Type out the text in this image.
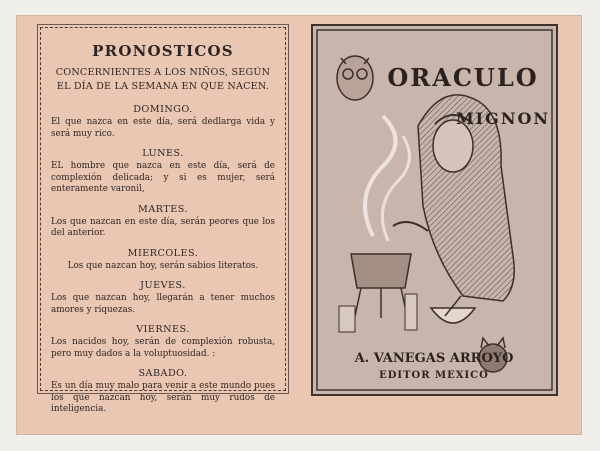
PRONOSTICOS
CONCERNIENTES A LOS NIÑOS, SEGÚN
EL DÍA DE LA SEMANA EN QUE NACEN.
DOMINGO.
El que nazca en este día, será dedlarga vida y será muy rico.
LUNES.
EL hombre que nazca en este día, será de complexión delicada; y si es mujer, será enteramente varonil,
MARTES.
Los que nazcan en este día, serán peores que los del anterior.
MIERCOLES.
Los que nazcan hoy, serán sabios literatos.
JUEVES.
Los que nazcan hoy, llegarán a tener muchos amores y riquezas.
VIERNES.
Los nacidos hoy, serán de complexión robusta, pero muy dados a la voluptuosidad. :
SABADO.
Es un día muy malo para venir a este mundo pues los que nazcan hoy, serán muy rudos de inteligencia.
ORACULO
MIGNON
A. VANEGAS ARROYO
EDITOR MEXICO
